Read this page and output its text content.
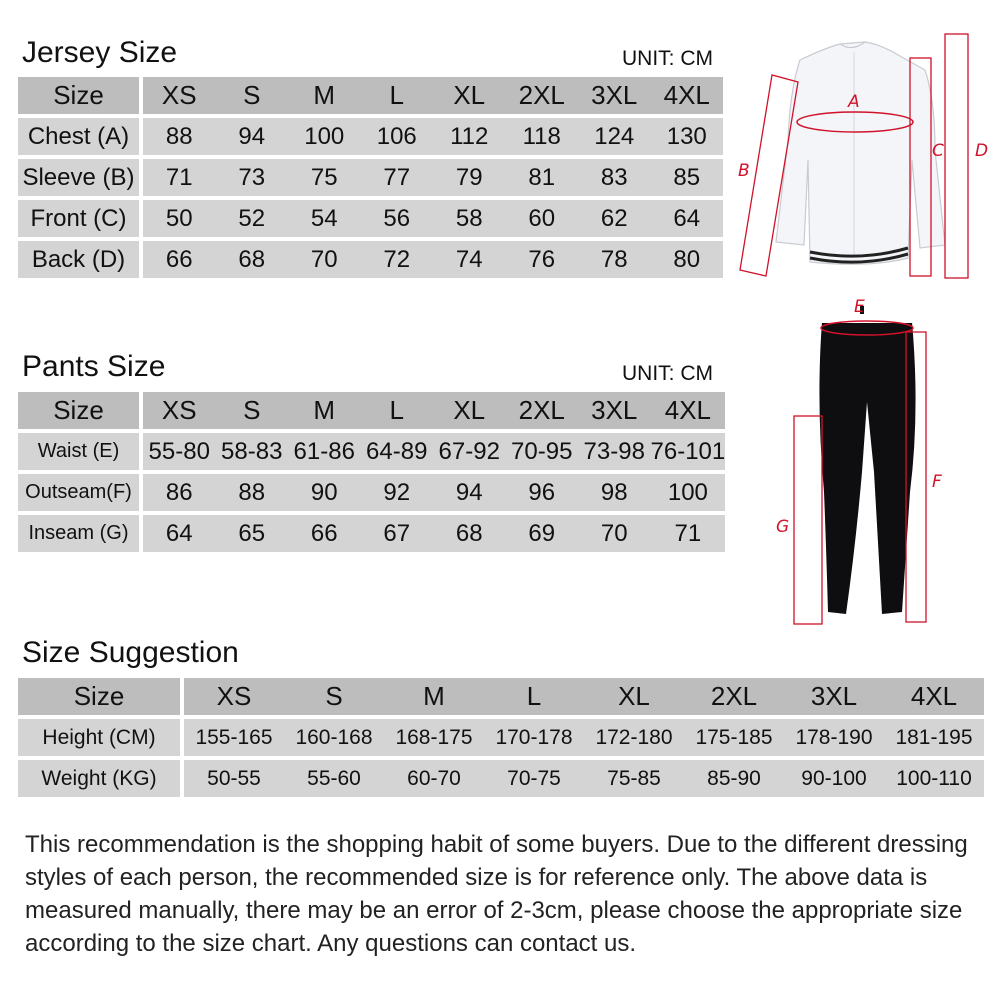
Jersey Size	UNIT: CM
Size	XS	S	M	L	XL	2XL	3XL	4XL
Chest (A)	88	94	100	106	112	118	124	130
Sleeve (B)	71	73	75	77	79	81	83	85
Front (C)	50	52	54	56	58	60	62	64
Back (D)	66	68	70	72	74	76	78	80
A
B
C D
Pants Size	UNIT: CM
Size	XS	S	M	L	XL	2XL	3XL	4XL
Waist (E)	55-80	58-83	61-86	64-89	67-92	70-95	73-98	76-101
Outseam(F)	86	88	90	92	94	96	98	100
Inseam (G)	64	65	66	67	68	69	70	71
E
F
G
Size Suggestion
Size	XS	S	M	L	XL	2XL	3XL	4XL
Height (CM)	155-165	160-168	168-175	170-178	172-180	175-185	178-190	181-195
Weight (KG)	50-55	55-60	60-70	70-75	75-85	85-90	90-100	100-110
This recommendation is the shopping habit of some buyers. Due to the different dressing styles of each person, the recommended size is for reference only. The above data is measured manually, there may be an error of 2-3cm, please choose the appropriate size according to the size chart. Any questions can contact us.
